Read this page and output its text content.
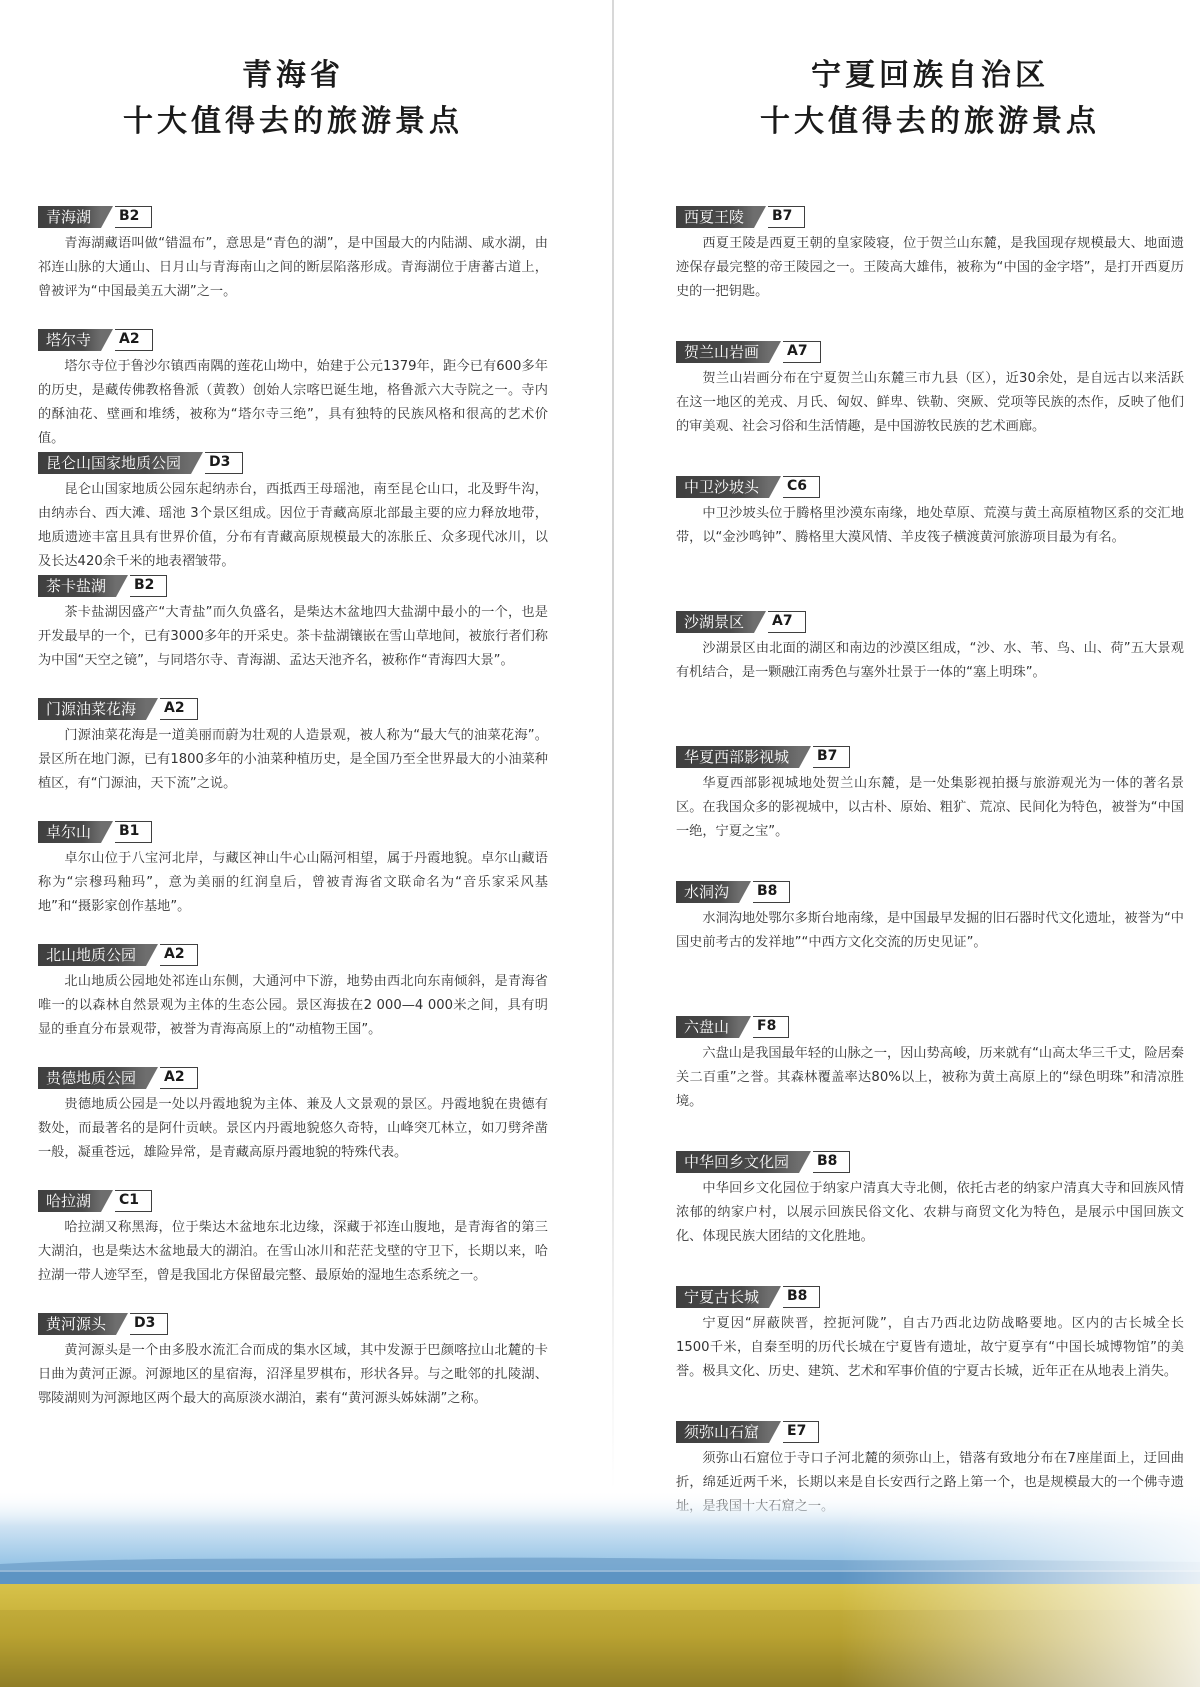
青海省
十大值得去的旅游景点
青海湖	B2

青海湖藏语叫做“错温布”，意思是“青色的湖”，是中国最大的内陆湖、咸水湖，由祁连山脉的大通山、日月山与青海南山之间的断层陷落形成。青海湖位于唐蕃古道上，曾被评为“中国最美五大湖”之一。

塔尔寺	A2

塔尔寺位于鲁沙尔镇西南隅的莲花山坳中，始建于公元1379年，距今已有600多年的历史，是藏传佛教格鲁派（黄教）创始人宗喀巴诞生地，格鲁派六大寺院之一。寺内的酥油花、壁画和堆绣，被称为“塔尔寺三绝”，具有独特的民族风格和很高的艺术价值。

昆仑山国家地质公园	D3

昆仑山国家地质公园东起纳赤台，西抵西王母瑶池，南至昆仑山口，北及野牛沟，由纳赤台、西大滩、瑶池 3个景区组成。因位于青藏高原北部最主要的应力释放地带，地质遗迹丰富且具有世界价值，分布有青藏高原规模最大的冻胀丘、众多现代冰川，以及长达420余千米的地表褶皱带。

茶卡盐湖	B2

茶卡盐湖因盛产“大青盐”而久负盛名，是柴达木盆地四大盐湖中最小的一个，也是开发最早的一个，已有3000多年的开采史。茶卡盐湖镶嵌在雪山草地间，被旅行者们称为中国“天空之镜”，与同塔尔寺、青海湖、孟达天池齐名，被称作“青海四大景”。

门源油菜花海	A2

门源油菜花海是一道美丽而蔚为壮观的人造景观，被人称为“最大气的油菜花海”。景区所在地门源，已有1800多年的小油菜种植历史，是全国乃至全世界最大的小油菜种植区，有“门源油，天下流”之说。

卓尔山	B1

卓尔山位于八宝河北岸，与藏区神山牛心山隔河相望，属于丹霞地貌。卓尔山藏语称为“宗穆玛釉玛”，意为美丽的红润皇后，曾被青海省文联命名为“音乐家采风基地”和“摄影家创作基地”。

北山地质公园	A2

北山地质公园地处祁连山东侧，大通河中下游，地势由西北向东南倾斜，是青海省唯一的以森林自然景观为主体的生态公园。景区海拔在2 000—4 000米之间，具有明显的垂直分布景观带，被誉为青海高原上的“动植物王国”。

贵德地质公园	A2

贵德地质公园是一处以丹霞地貌为主体、兼及人文景观的景区。丹霞地貌在贵德有数处，而最著名的是阿什贡峡。景区内丹霞地貌悠久奇特，山峰突兀林立，如刀劈斧凿一般，凝重苍远，雄险异常，是青藏高原丹霞地貌的特殊代表。

哈拉湖	C1

哈拉湖又称黑海，位于柴达木盆地东北边缘，深藏于祁连山腹地，是青海省的第三大湖泊，也是柴达木盆地最大的湖泊。在雪山冰川和茫茫戈壁的守卫下，长期以来，哈拉湖一带人迹罕至，曾是我国北方保留最完整、最原始的湿地生态系统之一。

黄河源头	D3

黄河源头是一个由多股水流汇合而成的集水区域，其中发源于巴颜喀拉山北麓的卡日曲为黄河正源。河源地区的星宿海，沼泽星罗棋布，形状各异。与之毗邻的扎陵湖、鄂陵湖则为河源地区两个最大的高原淡水湖泊，素有“黄河源头姊妹湖”之称。

宁夏回族自治区
十大值得去的旅游景点
西夏王陵	B7

西夏王陵是西夏王朝的皇家陵寝，位于贺兰山东麓，是我国现存规模最大、地面遗迹保存最完整的帝王陵园之一。王陵高大雄伟，被称为“中国的金字塔”，是打开西夏历史的一把钥匙。

贺兰山岩画	A7

贺兰山岩画分布在宁夏贺兰山东麓三市九县（区），近30余处，是自远古以来活跃在这一地区的羌戎、月氏、匈奴、鲜卑、铁勒、突厥、党项等民族的杰作，反映了他们的审美观、社会习俗和生活情趣，是中国游牧民族的艺术画廊。

中卫沙坡头	C6

中卫沙坡头位于腾格里沙漠东南缘，地处草原、荒漠与黄土高原植物区系的交汇地带，以“金沙鸣钟”、腾格里大漠风情、羊皮筏子横渡黄河旅游项目最为有名。

沙湖景区	A7

沙湖景区由北面的湖区和南边的沙漠区组成，“沙、水、苇、鸟、山、荷”五大景观有机结合，是一颗融江南秀色与塞外壮景于一体的“塞上明珠”。

华夏西部影视城	B7

华夏西部影视城地处贺兰山东麓，是一处集影视拍摄与旅游观光为一体的著名景区。在我国众多的影视城中，以古朴、原始、粗犷、荒凉、民间化为特色，被誉为“中国一绝，宁夏之宝”。

水洞沟	B8

水洞沟地处鄂尔多斯台地南缘，是中国最早发掘的旧石器时代文化遗址，被誉为“中国史前考古的发祥地”“中西方文化交流的历史见证”。

六盘山	F8

六盘山是我国最年轻的山脉之一，因山势高峻，历来就有“山高太华三千丈，险居秦关二百重”之誉。其森林覆盖率达80%以上，被称为黄土高原上的“绿色明珠”和清凉胜境。

中华回乡文化园	B8

中华回乡文化园位于纳家户清真大寺北侧，依托古老的纳家户清真大寺和回族风情浓郁的纳家户村，以展示回族民俗文化、农耕与商贸文化为特色，是展示中国回族文化、体现民族大团结的文化胜地。

宁夏古长城	B8

宁夏因“屏蔽陕晋，控扼河陇”，自古乃西北边防战略要地。区内的古长城全长1500千米，自秦至明的历代长城在宁夏皆有遗址，故宁夏享有“中国长城博物馆”的美誉。极具文化、历史、建筑、艺术和军事价值的宁夏古长城，近年正在从地表上消失。

须弥山石窟	E7

须弥山石窟位于寺口子河北麓的须弥山上，错落有致地分布在7座崖面上，迂回曲折，绵延近两千米，长期以来是自长安西行之路上第一个，也是规模最大的一个佛寺遗
